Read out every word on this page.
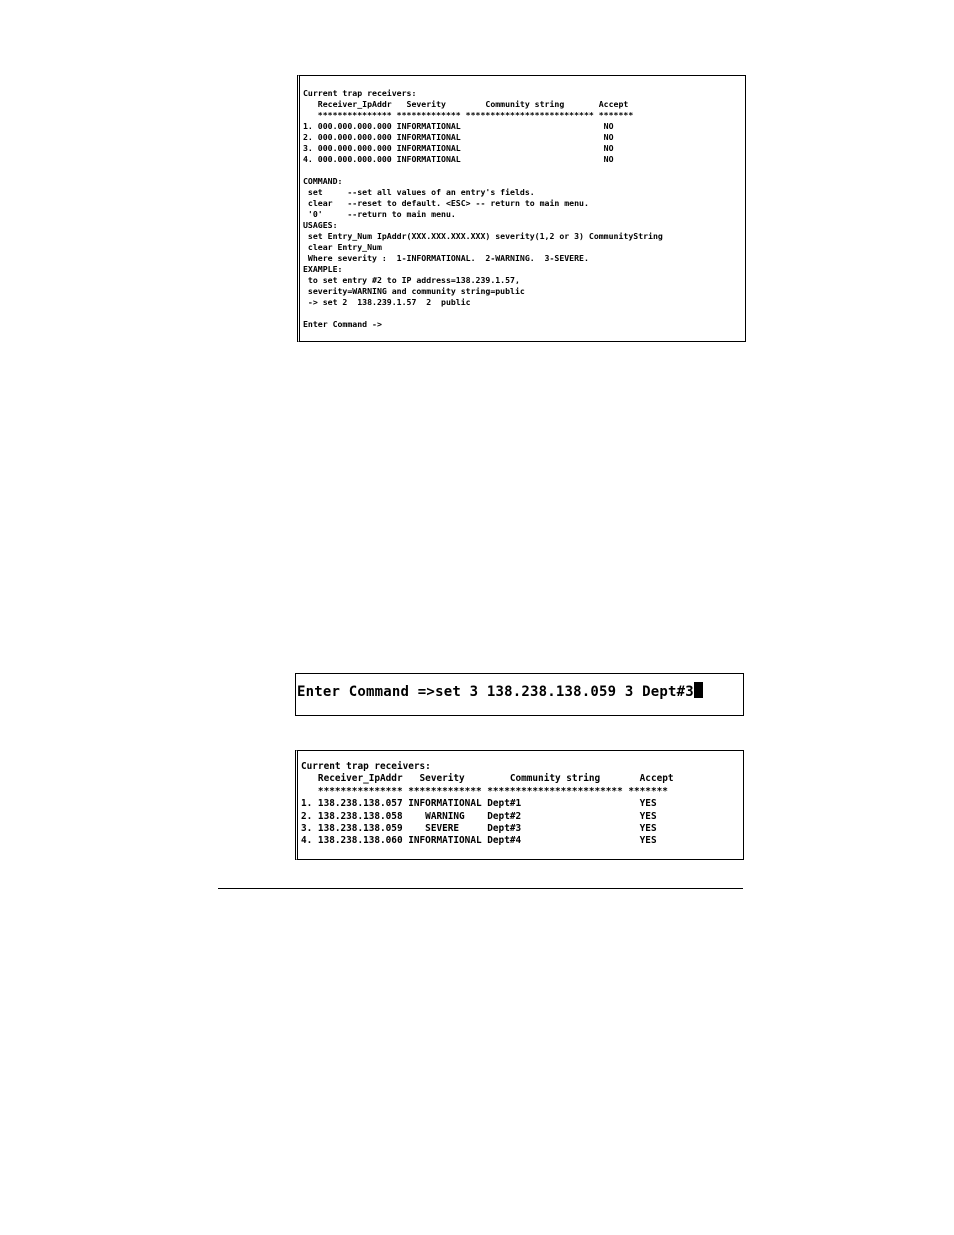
Current trap receivers:
Receiver_IpAddr   Severity        Community string       Accept
*************** ************* ************************** *******
1. 000.000.000.000 INFORMATIONAL                             NO
2. 000.000.000.000 INFORMATIONAL                             NO
3. 000.000.000.000 INFORMATIONAL                             NO
4. 000.000.000.000 INFORMATIONAL                             NO

COMMAND:
set     --set all values of an entry's fields.
clear   --reset to default. <ESC> -- return to main menu.
'0'     --return to main menu.
USAGES:
set Entry_Num IpAddr(XXX.XXX.XXX.XXX) severity(1,2 or 3) CommunityString
clear Entry_Num
Where severity :  1-INFORMATIONAL.  2-WARNING.  3-SEVERE.
EXAMPLE:
to set entry #2 to IP address=138.239.1.57,
severity=WARNING and community string=public
-> set 2  138.239.1.57  2  public

Enter Command ->
Enter Command =>set 3 138.238.138.059 3 Dept#3
Current trap receivers:
Receiver_IpAddr   Severity        Community string       Accept
*************** ************* ************************ *******
1. 138.238.138.057 INFORMATIONAL Dept#1                     YES
2. 138.238.138.058    WARNING    Dept#2                     YES
3. 138.238.138.059    SEVERE     Dept#3                     YES
4. 138.238.138.060 INFORMATIONAL Dept#4                     YES
